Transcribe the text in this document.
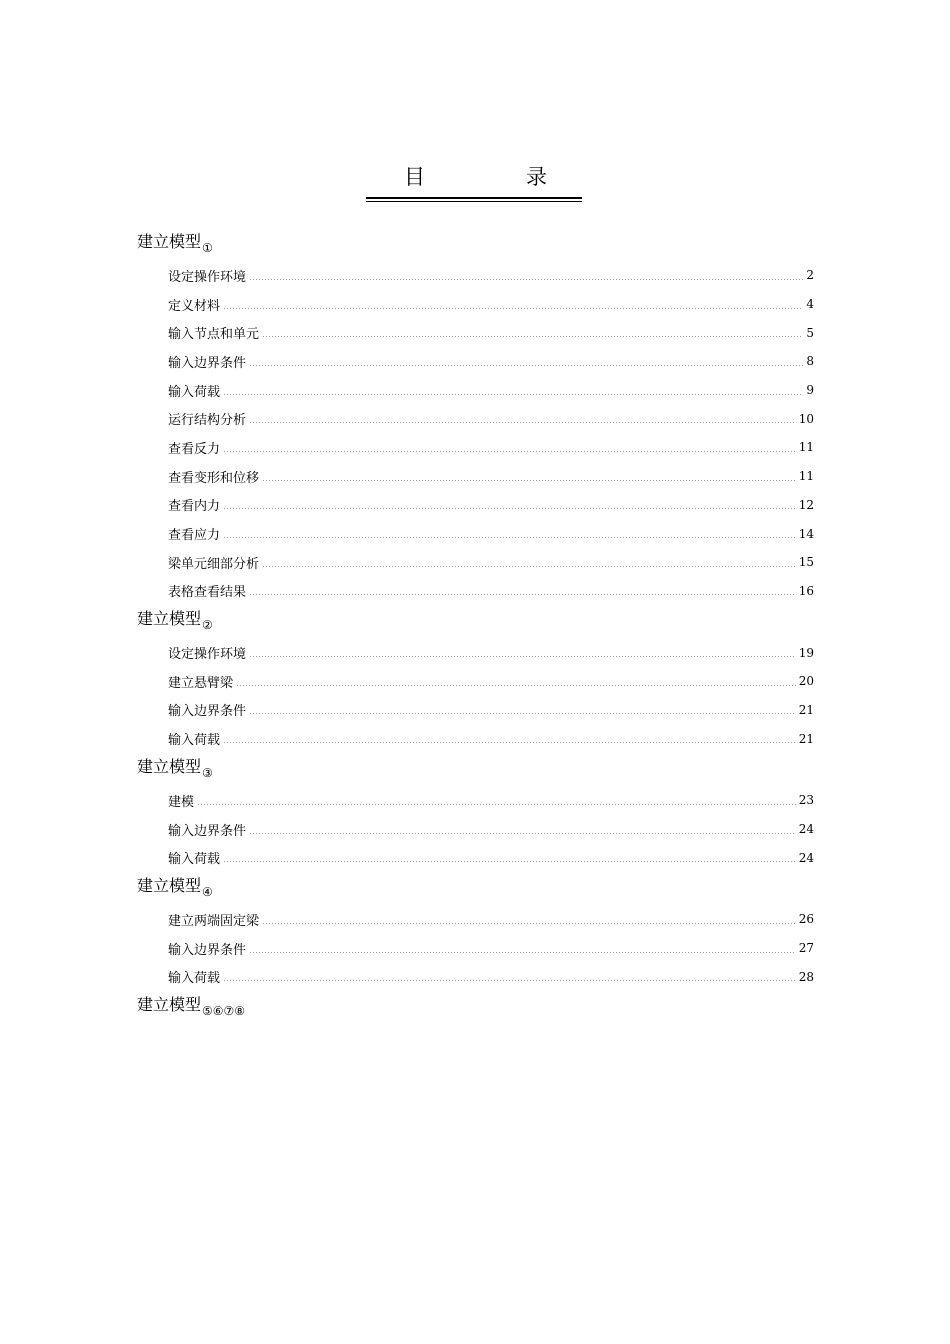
目	录
建立模型$_①$
设定操作环境	2
定义材料	4
输入节点和单元	5
输入边界条件	8
输入荷载	9
运行结构分析	10
查看反力	11
查看变形和位移	11
查看内力	12
查看应力	14
梁单元细部分析	15
表格查看结果	16
建立模型$_②$
设定操作环境	19
建立悬臂梁	20
输入边界条件	21
输入荷载	21
建立模型$_③$
建模	23
输入边界条件	24
输入荷载	24
建立模型$_④$
建立两端固定梁	26
输入边界条件	27
输入荷载	28
建立模型$_{⑤⑥⑦⑧}$
